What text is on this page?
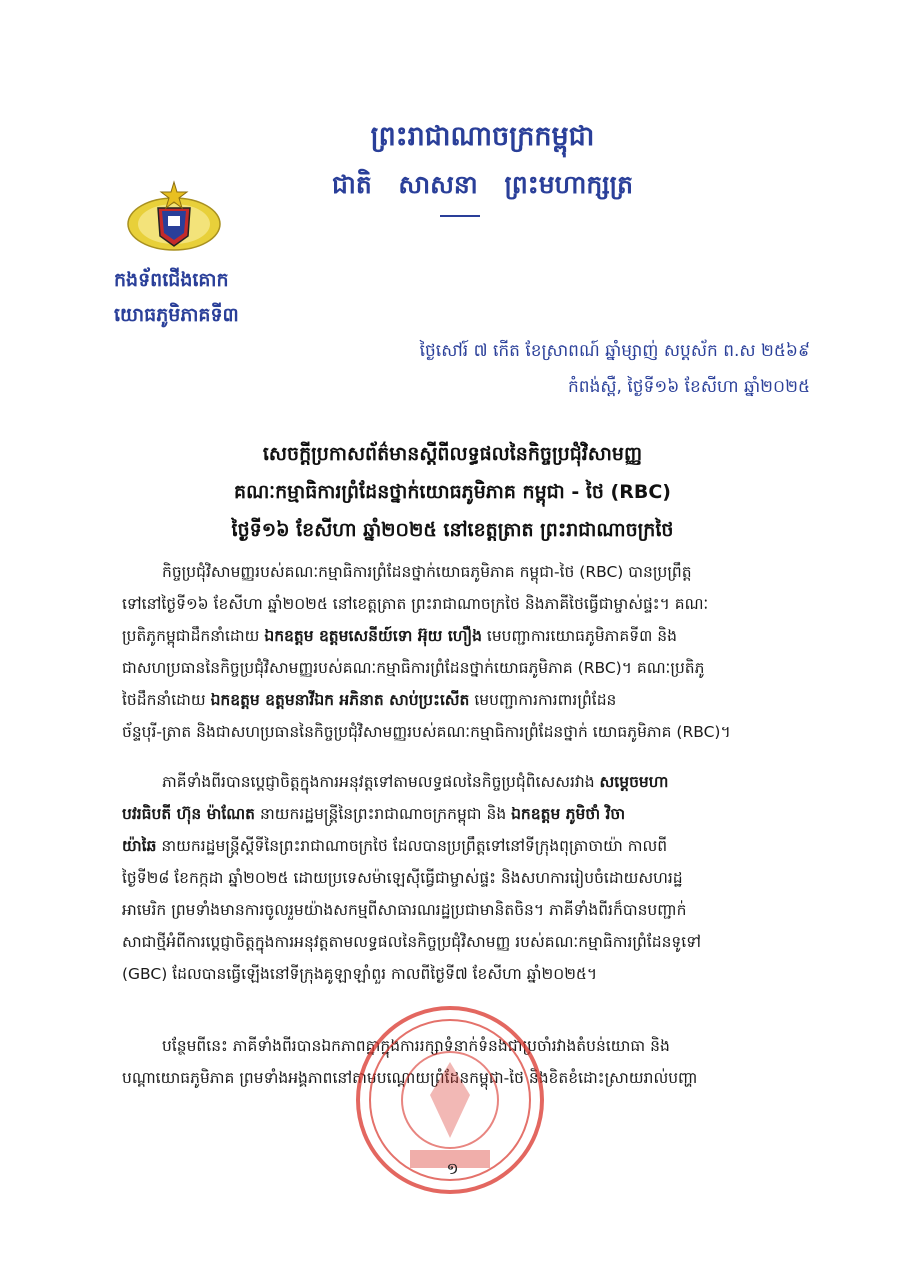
ព្រះរាជាណាចក្រកម្ពុជា
ជាតិ សាសនា ព្រះមហាក្សត្រ
កងទ័ពជើងគោក
យោធភូមិភាគទី៣
ថ្ងៃសៅរ៍ ៧ កើត ខែស្រាពណ៍ ឆ្នាំម្សាញ់ សប្តស័ក ព.ស ២៥៦៩
កំពង់ស្ពឺ, ថ្ងៃទី១៦ ខែសីហា ឆ្នាំ២០២៥
សេចក្តីប្រកាសព័ត៌មានស្តីពីលទ្ធផលនៃកិច្ចប្រជុំវិសាមញ្ញ
គណៈកម្មាធិការព្រំដែនថ្នាក់យោធភូមិភាគ កម្ពុជា - ថៃ (RBC)
ថ្ងៃទី១៦ ខែសីហា ឆ្នាំ២០២៥ នៅខេត្តត្រាត ព្រះរាជាណាចក្រថៃ
កិច្ចប្រជុំវិសាមញ្ញរបស់គណៈកម្មាធិការព្រំដែនថ្នាក់យោធភូមិភាគ កម្ពុជា-ថៃ (RBC) បានប្រព្រឹត្ត
ទៅនៅថ្ងៃទី១៦ ខែសីហា ឆ្នាំ២០២៥ នៅខេត្តត្រាត ព្រះរាជាណាចក្រថៃ និងភាគីថៃធ្វើជាម្ចាស់ផ្ទះ។ គណៈ
ប្រតិភូកម្ពុជាដឹកនាំដោយ ឯកឧត្តម ឧត្តមសេនីយ៍ទោ អ៊ុយ ហឿង មេបញ្ជាការយោធភូមិភាគទី៣ និង
ជាសហប្រធាននៃកិច្ចប្រជុំវិសាមញ្ញរបស់គណៈកម្មាធិការព្រំដែនថ្នាក់យោធភូមិភាគ (RBC)។ គណៈប្រតិភូ
ថៃដឹកនាំដោយ ឯកឧត្តម ឧត្តមនាវីឯក អភិនាត សាប់ប្រះសើត មេបញ្ជាការការពារព្រំដែន
ច័ន្ទបុរី-ត្រាត និងជាសហប្រធាននៃកិច្ចប្រជុំវិសាមញ្ញរបស់គណៈកម្មាធិការព្រំដែនថ្នាក់ យោធភូមិភាគ (RBC)។
ភាគីទាំងពីរបានប្តេជ្ញាចិត្តក្នុងការអនុវត្តទៅតាមលទ្ធផលនៃកិច្ចប្រជុំពិសេសរវាង សម្តេចមហា
បវរធិបតី ហ៊ុន ម៉ាណែត នាយករដ្ឋមន្ត្រីនៃព្រះរាជាណាចក្រកម្ពុជា និង ឯកឧត្តម ភូមិថាំ វិចា
យ៉ាឆៃ នាយករដ្ឋមន្ត្រីស្តីទីនៃព្រះរាជាណាចក្រថៃ ដែលបានប្រព្រឹត្តទៅនៅទីក្រុងពុត្រាចាយ៉ា កាលពី
ថ្ងៃទី២៨ ខែកក្កដា ឆ្នាំ២០២៥ ដោយប្រទេសម៉ាឡេស៊ីធ្វើជាម្ចាស់ផ្ទះ និងសហការរៀបចំដោយសហរដ្ឋ
អាមេរិក ព្រមទាំងមានការចូលរួមយ៉ាងសកម្មពីសាធារណរដ្ឋប្រជាមានិតចិន។ ភាគីទាំងពីរក៏បានបញ្ជាក់
សាជាថ្មីអំពីការប្តេជ្ញាចិត្តក្នុងការអនុវត្តតាមលទ្ធផលនៃកិច្ចប្រជុំវិសាមញ្ញ របស់គណៈកម្មាធិការព្រំដែនទូទៅ
(GBC) ដែលបានធ្វើឡើងនៅទីក្រុងគូឡាឡាំពួរ កាលពីថ្ងៃទី៧ ខែសីហា ឆ្នាំ២០២៥។
បន្ថែមពីនេះ ភាគីទាំងពីរបានឯកភាពគ្នាក្នុងការរក្សាទំនាក់ទំនងជាប្រចាំរវាងតំបន់យោធា និង
បណ្តាយោធភូមិភាគ ព្រមទាំងអង្គភាពនៅតាមបណ្តោយព្រំដែនកម្ពុជា-ថៃ និងខិតខំដោះស្រាយរាល់បញ្ហា
១
